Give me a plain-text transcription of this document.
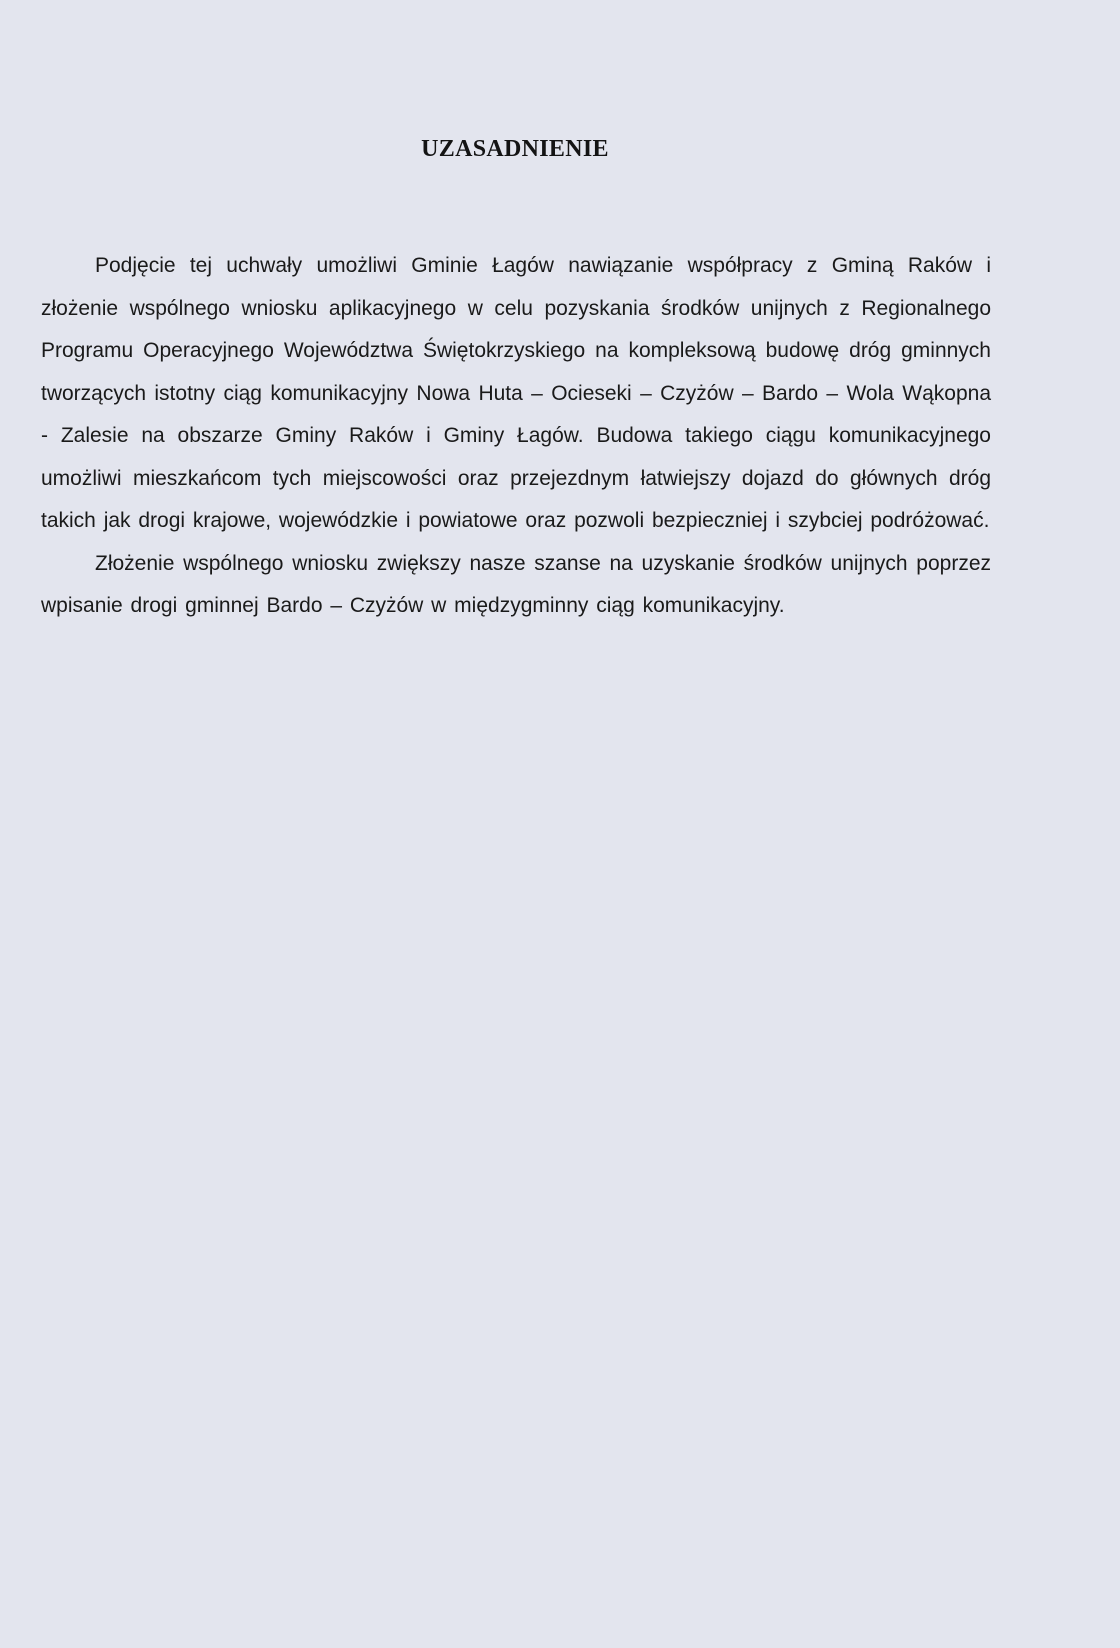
UZASADNIENIE

Podjęcie tej uchwały umożliwi Gminie Łagów nawiązanie współpracy z Gminą Raków i złożenie wspólnego wniosku aplikacyjnego w celu pozyskania środków unijnych z Regionalnego Programu Operacyjnego Województwa Świętokrzyskiego na kompleksową budowę dróg gminnych tworzących istotny ciąg komunikacyjny Nowa Huta – Ocieseki – Czyżów – Bardo – Wola Wąkopna - Zalesie na obszarze Gminy Raków i Gminy Łagów. Budowa takiego ciągu komunikacyjnego umożliwi mieszkańcom tych miejscowości oraz przejezdnym łatwiejszy dojazd do głównych dróg takich jak drogi krajowe, wojewódzkie i powiatowe oraz pozwoli bezpieczniej i szybciej podróżować.

Złożenie wspólnego wniosku zwiększy nasze szanse na uzyskanie środków unijnych poprzez wpisanie drogi gminnej Bardo – Czyżów w międzygminny ciąg komunikacyjny.
